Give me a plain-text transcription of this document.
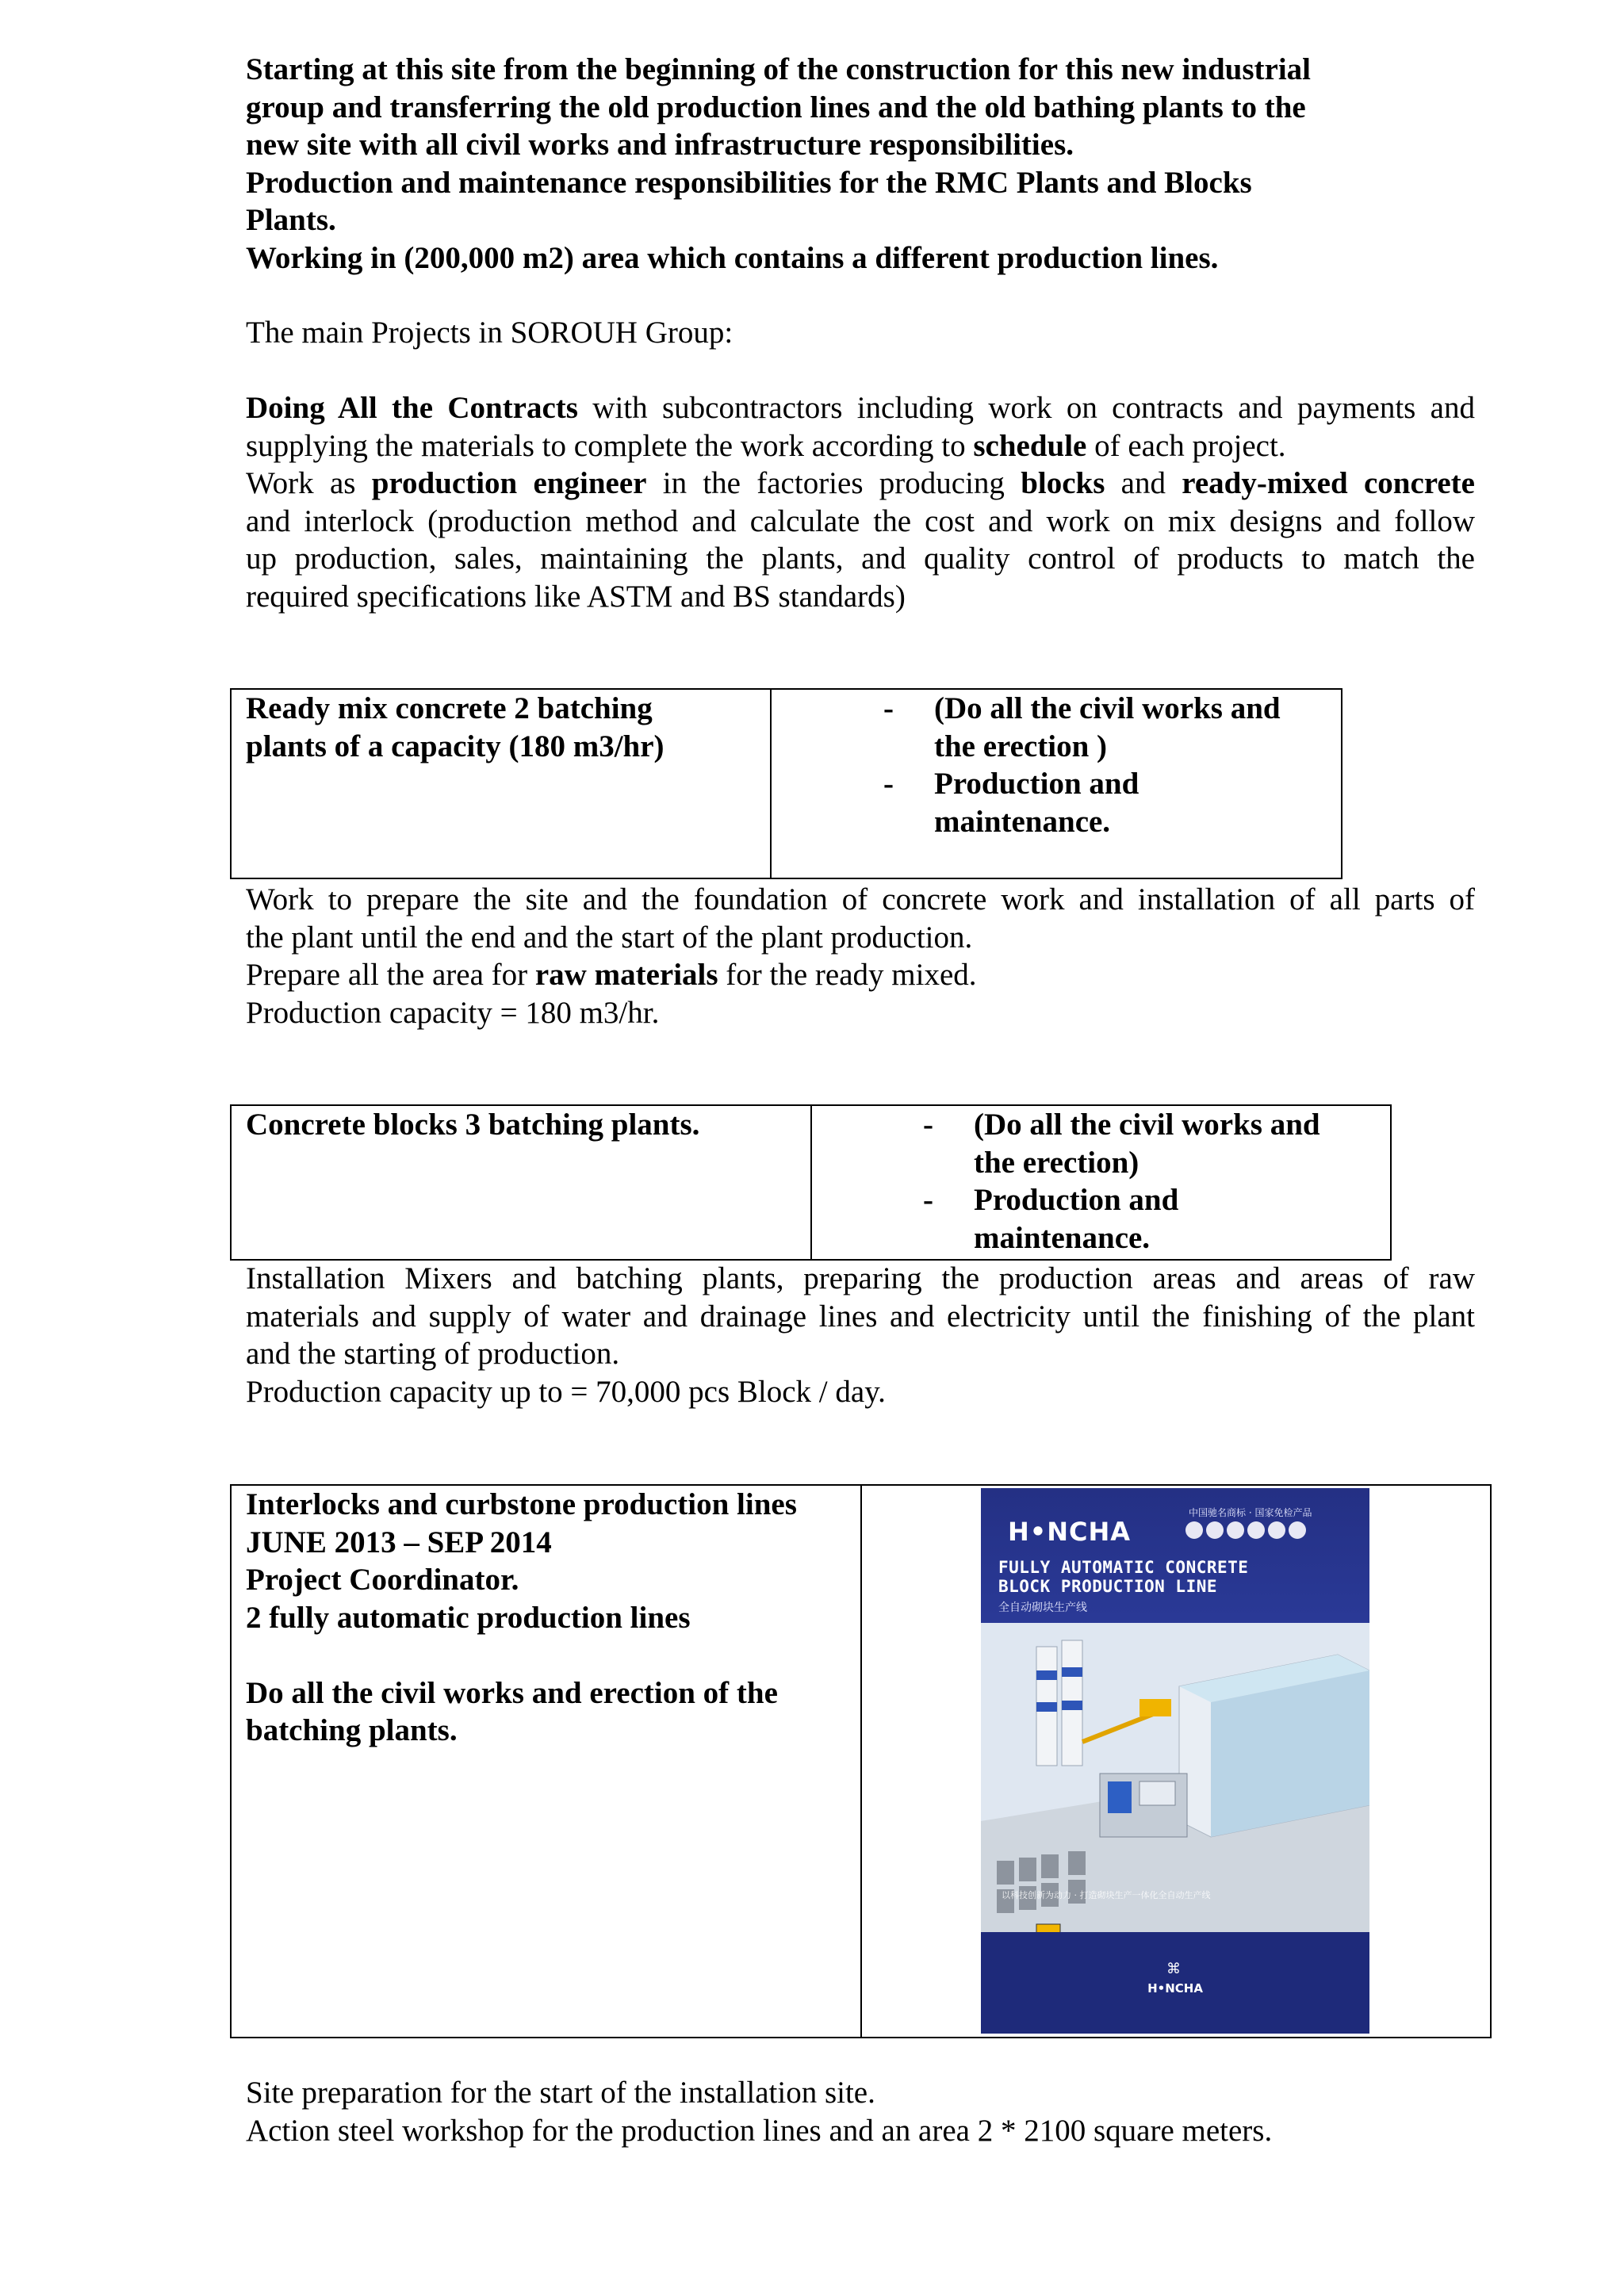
Starting at this site from the beginning of the construction for this new industrial
group and transferring the old production lines and the old bathing plants to the
new site with all civil works and infrastructure responsibilities.
Production and maintenance responsibilities for the RMC Plants and Blocks
Plants.
Working in (200,000 m2) area which contains a different production lines.
The main Projects in SOROUH Group:
Doing All the Contracts with subcontractors including work on contracts and payments and
supplying the materials to complete the work according to schedule of each project.
Work as production engineer in the factories producing blocks and ready-mixed concrete
and interlock (production method and calculate the cost and work on mix designs and follow
up production, sales, maintaining the plants, and quality control of products to match the
required specifications like ASTM and BS standards)
Ready mix concrete 2 batching
plants of a capacity (180 m3/hr)
- (Do all the civil works and
the erection )
- Production and
maintenance.
Work to prepare the site and the foundation of concrete work and installation of all parts of
the plant until the end and the start of the plant production.
Prepare all the area for raw materials for the ready mixed.
Production capacity = 180 m3/hr.
Concrete blocks 3 batching plants.	- (Do all the civil works and
the erection)
- Production and
maintenance.
Installation Mixers and batching plants, preparing the production areas and areas of raw
materials and supply of water and drainage lines and electricity until the finishing of the plant
and the starting of production.
Production capacity up to = 70,000 pcs Block / day.
Interlocks and curbstone production lines
JUNE 2013 – SEP 2014
Project Coordinator.
2 fully automatic production lines
Do all the civil works and erection of the
batching plants.
H•NCHA
中国驰名商标 · 国家免检产品
FULLY AUTOMATIC CONCRETE
BLOCK PRODUCTION LINE
全自动砌块生产线
以科技创新为动力 · 打造砌块生产一体化全自动生产线
⌘
H•NCHA
Site preparation for the start of the installation site.
Action steel workshop for the production lines and an area 2 * 2100 square meters.
